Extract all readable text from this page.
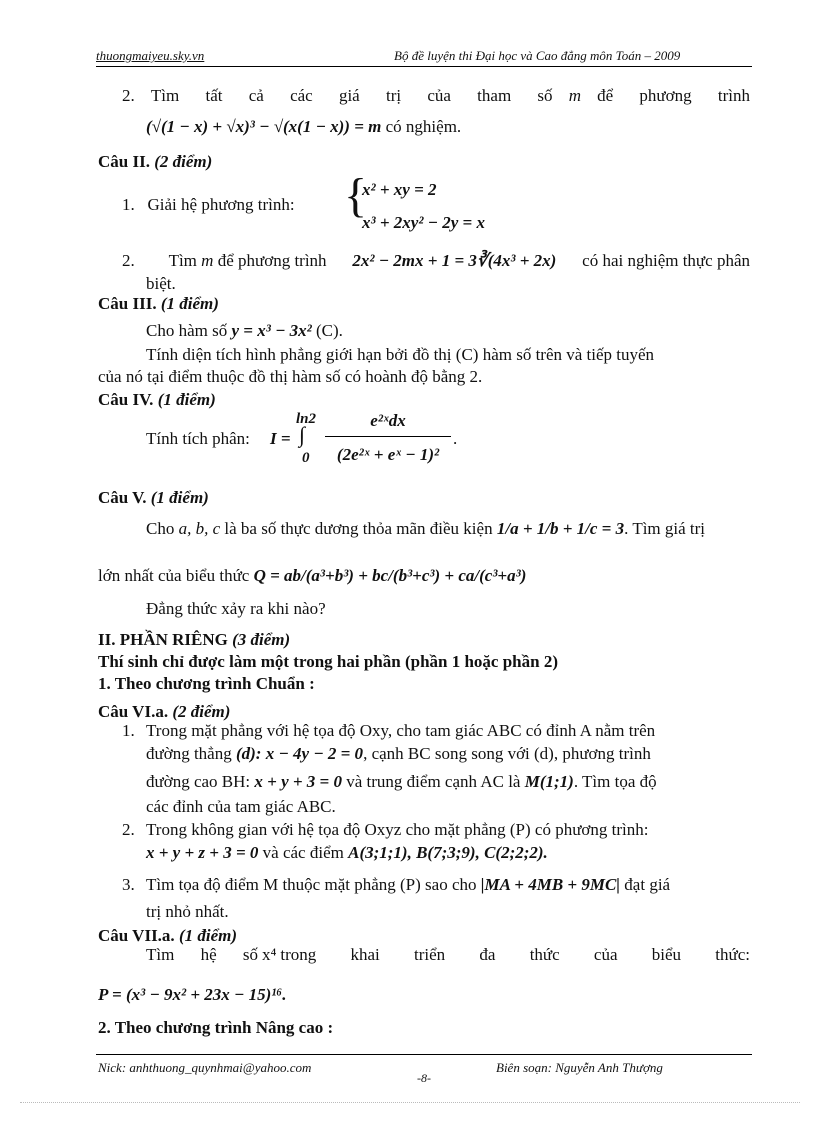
thuongmaiyeu.sky.vn	Bộ đề luyện thi Đại học và Cao đẳng môn Toán – 2009
2. Tìm tất cả các giá trị của tham số m để phương trình
(√(1 − x) + √x)³ − √(x(1 − x)) = m có nghiệm.
Câu II. (2 điểm)
1. Giải hệ phương trình: {
x² + xy = 2
x³ + 2xy² − 2y = x
2. Tìm m để phương trình 2x² − 2mx + 1 = 3∛(4x³ + 2x) có hai nghiệm thực phân
biệt.
Câu III. (1 điểm)
Cho hàm số y = x³ − 3x² (C).
Tính diện tích hình phẳng giới hạn bởi đồ thị (C) hàm số trên và tiếp tuyến
của nó tại điểm thuộc đồ thị hàm số có hoành độ bằng 2.
Câu IV. (1 điểm)
Tính tích phân: I =
ln2
∫
0
e²ˣdx
(2e²ˣ + eˣ − 1)²
.
Câu V. (1 điểm)
Cho a, b, c là ba số thực dương thỏa mãn điều kiện 1/a + 1/b + 1/c = 3. Tìm giá trị
lớn nhất của biểu thức Q = ab/(a³+b³) + bc/(b³+c³) + ca/(c³+a³)
Đẳng thức xảy ra khi nào?
II. PHẦN RIÊNG (3 điểm)
Thí sinh chỉ được làm một trong hai phần (phần 1 hoặc phần 2)
1. Theo chương trình Chuẩn :
Câu VI.a. (2 điểm)
1. Trong mặt phẳng với hệ tọa độ Oxy, cho tam giác ABC có đỉnh A nằm trên
đường thẳng (d): x − 4y − 2 = 0, cạnh BC song song với (d), phương trình
đường cao BH: x + y + 3 = 0 và trung điểm cạnh AC là M(1;1). Tìm tọa độ
các đỉnh của tam giác ABC.
2. Trong không gian với hệ tọa độ Oxyz cho mặt phẳng (P) có phương trình:
x + y + z + 3 = 0 và các điểm A(3;1;1), B(7;3;9), C(2;2;2).
3. Tìm tọa độ điểm M thuộc mặt phẳng (P) sao cho |MA + 4MB + 9MC| đạt giá
trị nhỏ nhất.
Câu VII.a. (1 điểm)
Tìm hệ số x⁴ trong khai triển đa thức của biểu thức:
P = (x³ − 9x² + 23x − 15)¹⁶.
2. Theo chương trình Nâng cao :
Nick: anhthuong_quynhmai@yahoo.com	Biên soạn: Nguyễn Anh Thượng
-8-
